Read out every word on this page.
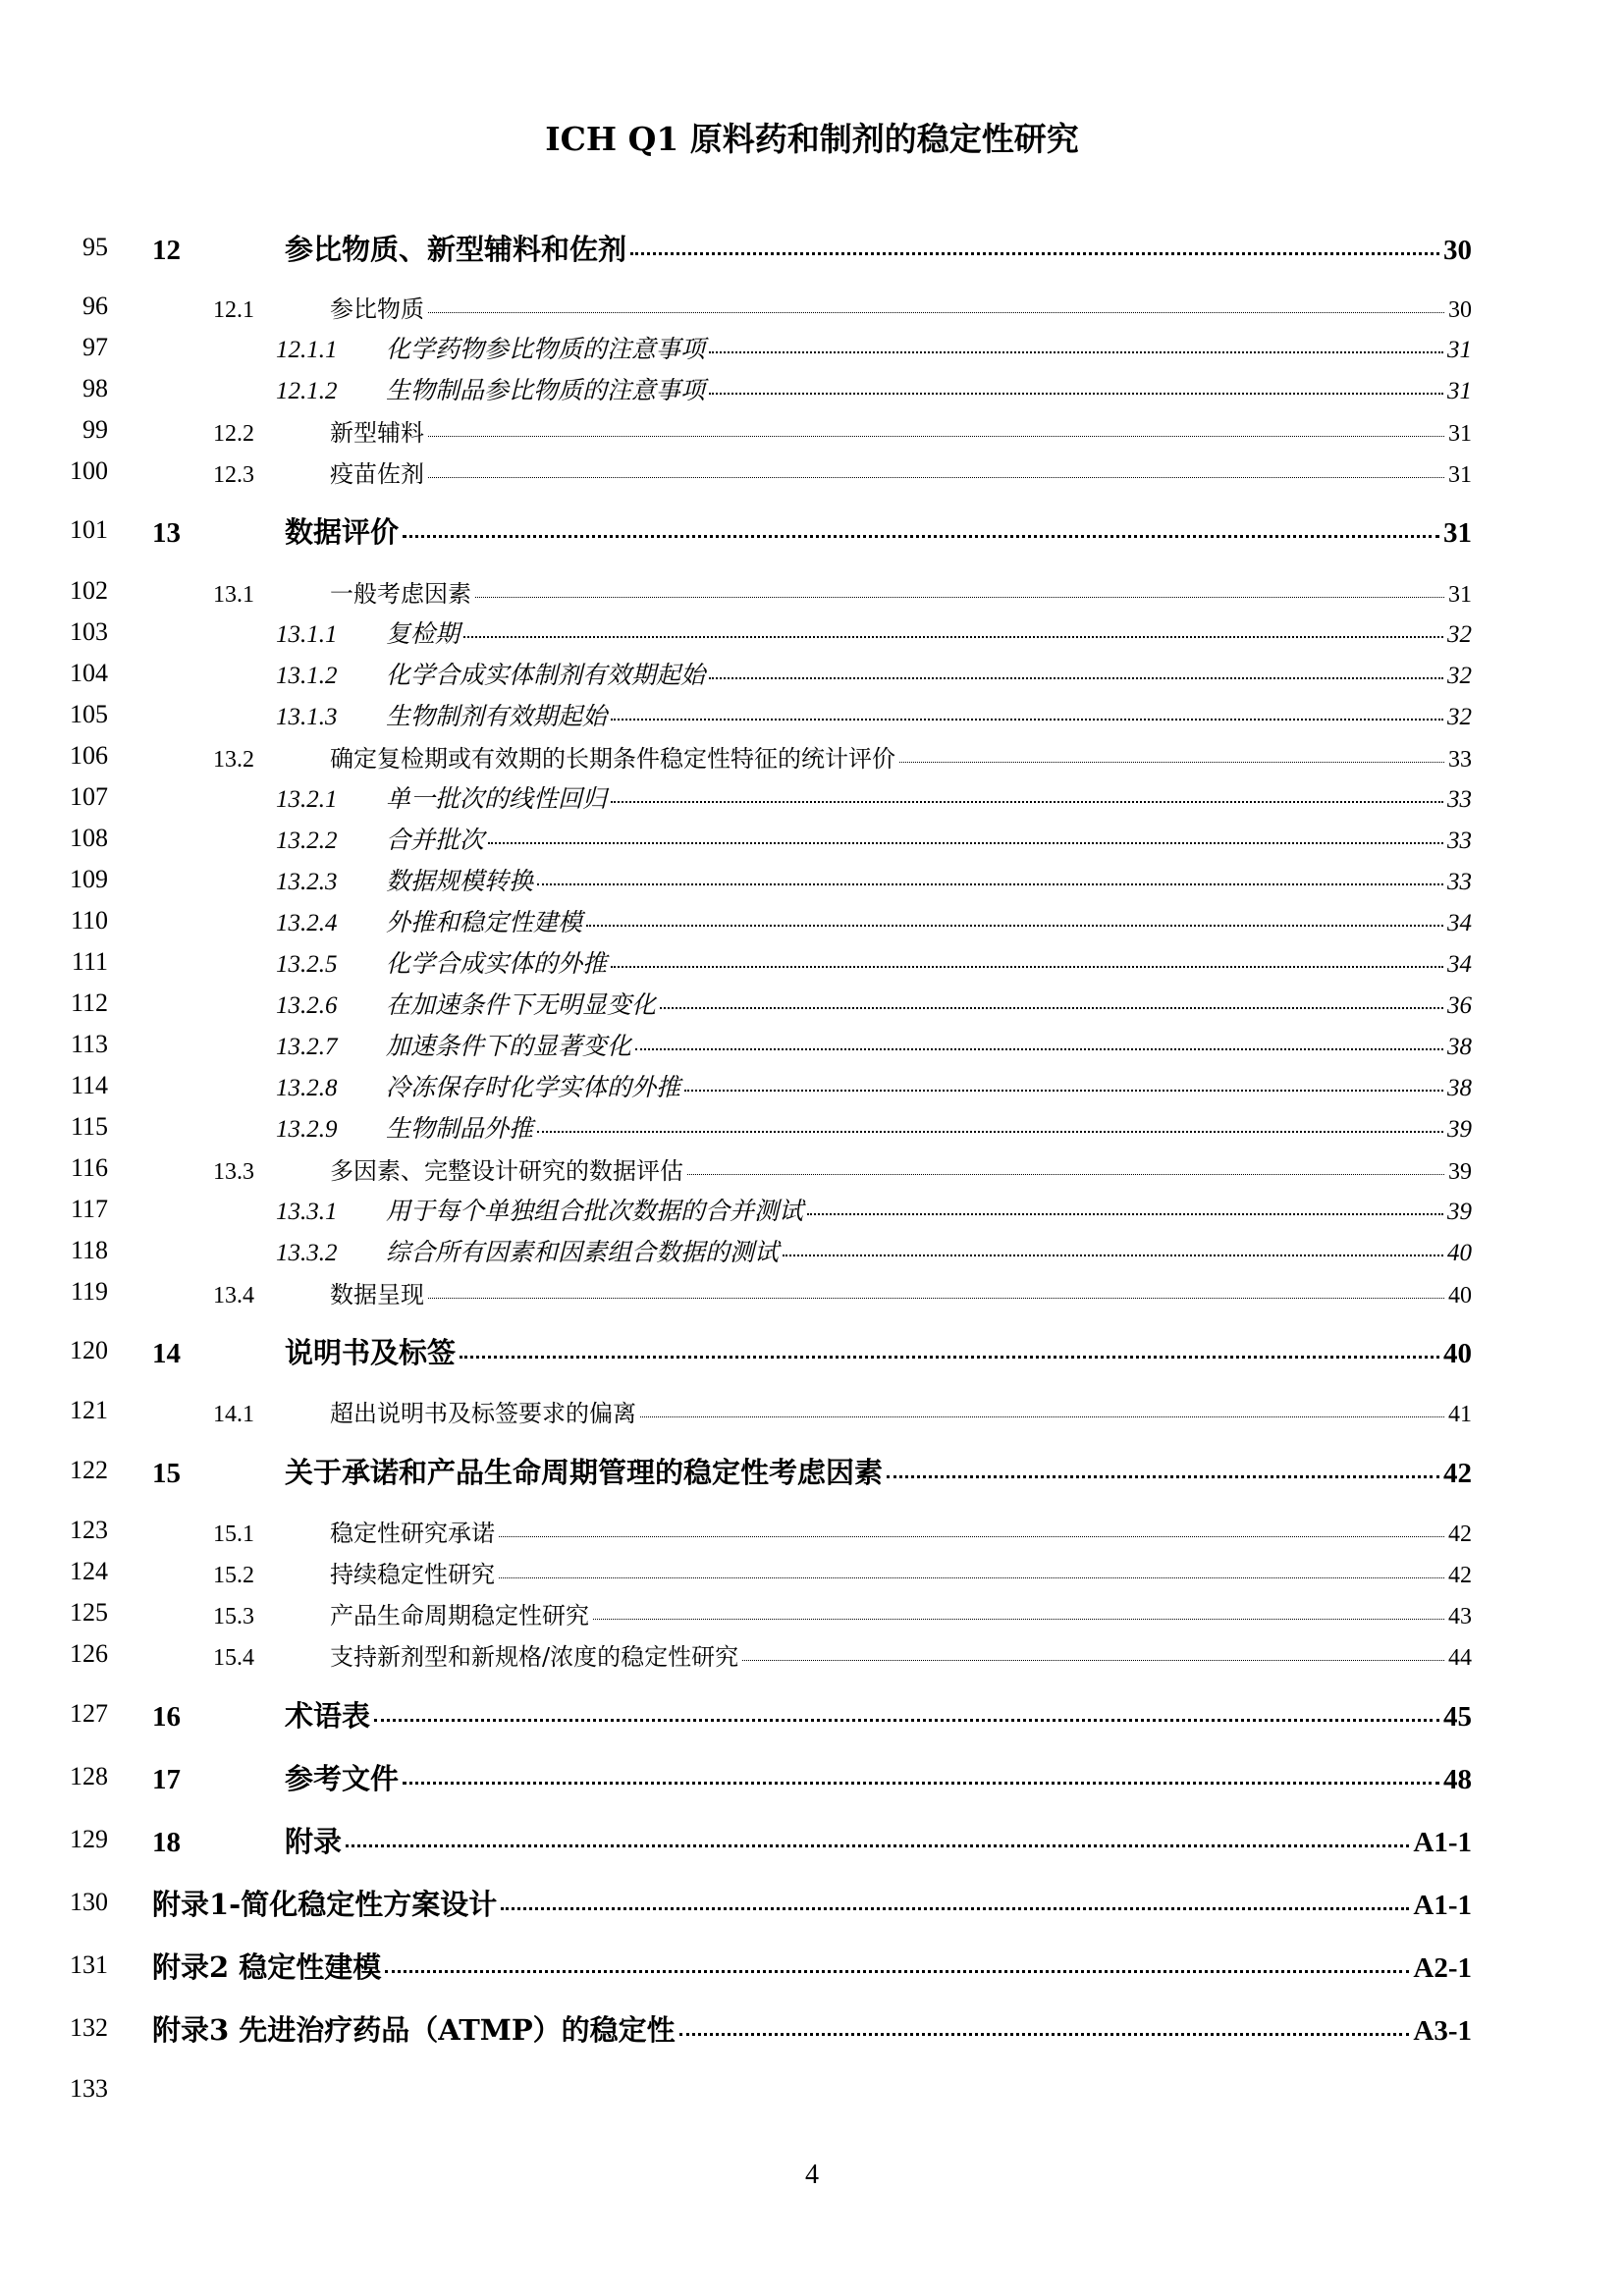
ICH Q1 原料药和制剂的稳定性研究
95 12	参比物质、新型辅料和佐剂	30
96	12.1	参比物质	30
97	12.1.1	化学药物参比物质的注意事项	31
98	12.1.2	生物制品参比物质的注意事项	31
99	12.2	新型辅料	31
100	12.3	疫苗佐剂	31
101 13	数据评价	31
102	13.1	一般考虑因素	31
103	13.1.1	复检期	32
104	13.1.2	化学合成实体制剂有效期起始	32
105	13.1.3	生物制剂有效期起始	32
106	13.2	确定复检期或有效期的长期条件稳定性特征的统计评价	33
107	13.2.1	单一批次的线性回归	33
108	13.2.2	合并批次	33
109	13.2.3	数据规模转换	33
110	13.2.4	外推和稳定性建模	34
111	13.2.5	化学合成实体的外推	34
112	13.2.6	在加速条件下无明显变化	36
113	13.2.7	加速条件下的显著变化	38
114	13.2.8	冷冻保存时化学实体的外推	38
115	13.2.9	生物制品外推	39
116	13.3	多因素、完整设计研究的数据评估	39
117	13.3.1	用于每个单独组合批次数据的合并测试	39
118	13.3.2	综合所有因素和因素组合数据的测试	40
119	13.4	数据呈现	40
120 14	说明书及标签	40
121	14.1	超出说明书及标签要求的偏离	41
122 15	关于承诺和产品生命周期管理的稳定性考虑因素	42
123	15.1	稳定性研究承诺	42
124	15.2	持续稳定性研究	42
125	15.3	产品生命周期稳定性研究	43
126	15.4	支持新剂型和新规格/浓度的稳定性研究	44
127 16	术语表	45
128 17	参考文件	48
129 18	附录	A1-1
130 附录1-简化稳定性方案设计	A1-1
131 附录2 稳定性建模	A2-1
132 附录3 先进治疗药品（ATMP）的稳定性	A3-1
133
4
